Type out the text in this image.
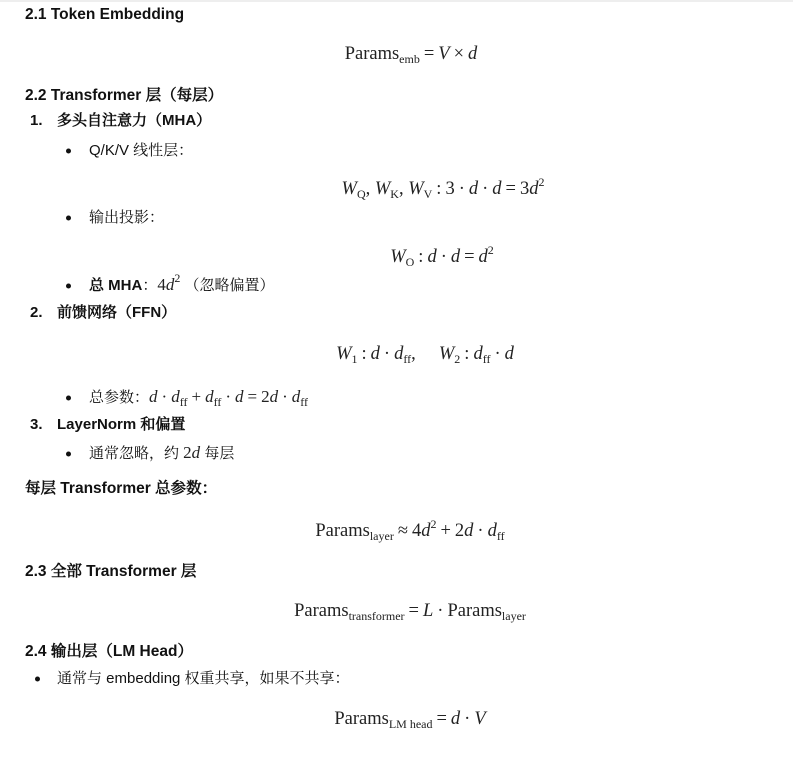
2.1 Token Embedding
Params$_{emb}$ = V × d
2.2 Transformer 层（每层）
1. 多头自注意力（MHA）
Q/K/V 线性层：
$W_Q$, $W_K$, $W_V$ : $3 \cdot d \cdot d = 3d^2$
输出投影：
$W_O$ : $d \cdot d = d^2$
总 MHA：$4d^2$ （忽略偏置）
2. 前馈网络（FFN）
$W_1$ : $d \cdot d_{ff}$,     $W_2$ : $d_{ff} \cdot d$
总参数：$d \cdot d_{ff} + d_{ff} \cdot d = 2d \cdot d_{ff}$
3. LayerNorm 和偏置
通常忽略，约 2d 每层
每层 Transformer 总参数：
Params$_{layer}$ ≈ $4d^2 + 2d \cdot d_{ff}$
2.3 全部 Transformer 层
Params$_{transformer}$ = L · Params$_{layer}$
2.4 输出层（LM Head）
通常与 embedding 权重共享，如果不共享：
Params$_{LM head}$ = d · V
